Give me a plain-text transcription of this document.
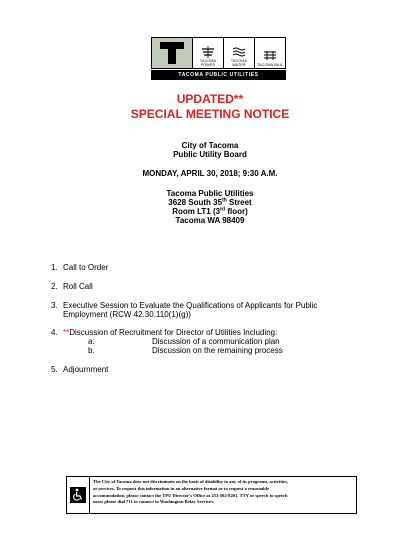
TACOMA POWER
TACOMA WATER	TACOMA RAIL
TACOMA PUBLIC UTILITIES
UPDATED**
SPECIAL MEETING NOTICE
City of Tacoma
Public Utility Board
MONDAY, APRIL 30, 2018; 9:30 A.M.
Tacoma Public Utilities
3628 South 35th Street
Room LT1 (3rd floor)
Tacoma WA 98409
1. Call to Order
2. Roll Call
3. Executive Session to Evaluate the Qualifications of Applicants for Public
Employment (RCW 42.30.110(1)(g))
4. **Discussion of Recruitment for Director of Utilities Including:
a.	Discussion of a communication plan
b.	Discussion on the remaining process
5. Adjournment
The City of Tacoma does not discriminate on the basis of disability in any of its programs, activities,
or services. To request this information in an alternative format or to request a reasonable
accommodation, please contact the TPU Director's Office at 253-502-8201. TTY or speech to speech
users please dial 711 to connect to Washington Relay Services.
